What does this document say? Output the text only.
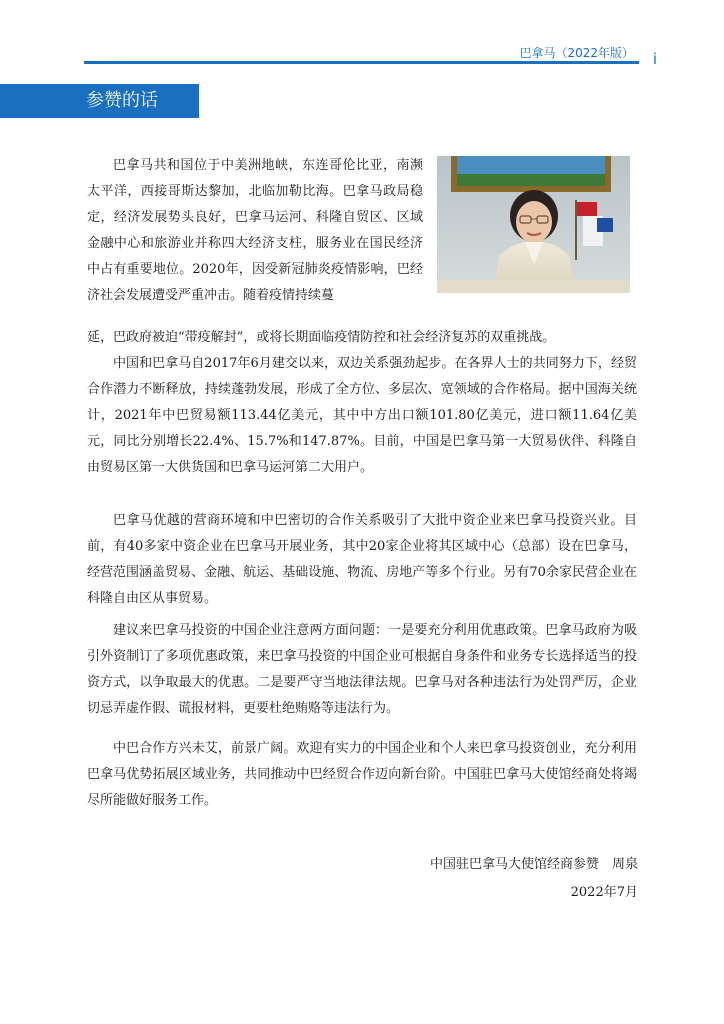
巴拿马（2022年版） i
参赞的话

巴拿马共和国位于中美洲地峡，东连哥伦比亚，南濒太平洋，西接哥斯达黎加，北临加勒比海。巴拿马政局稳定，经济发展势头良好，巴拿马运河、科隆自贸区、区域金融中心和旅游业并称四大经济支柱，服务业在国民经济中占有重要地位。2020年，因受新冠肺炎疫情影响，巴经济社会发展遭受严重冲击。随着疫情持续蔓

延，巴政府被迫“带疫解封”，或将长期面临疫情防控和社会经济复苏的双重挑战。

中国和巴拿马自2017年6月建交以来，双边关系强劲起步。在各界人士的共同努力下，经贸合作潜力不断释放，持续蓬勃发展，形成了全方位、多层次、宽领域的合作格局。据中国海关统计，2021年中巴贸易额113.44亿美元，其中中方出口额101.80亿美元，进口额11.64亿美元，同比分别增长22.4%、15.7%和147.87%。目前，中国是巴拿马第一大贸易伙伴、科隆自由贸易区第一大供货国和巴拿马运河第二大用户。

巴拿马优越的营商环境和中巴密切的合作关系吸引了大批中资企业来巴拿马投资兴业。目前，有40多家中资企业在巴拿马开展业务，其中20家企业将其区域中心（总部）设在巴拿马，经营范围涵盖贸易、金融、航运、基础设施、物流、房地产等多个行业。另有70余家民营企业在科隆自由区从事贸易。

建议来巴拿马投资的中国企业注意两方面问题：一是要充分利用优惠政策。巴拿马政府为吸引外资制订了多项优惠政策，来巴拿马投资的中国企业可根据自身条件和业务专长选择适当的投资方式，以争取最大的优惠。二是要严守当地法律法规。巴拿马对各种违法行为处罚严厉，企业切忌弄虚作假、谎报材料，更要杜绝贿赂等违法行为。

中巴合作方兴未艾，前景广阔。欢迎有实力的中国企业和个人来巴拿马投资创业，充分利用巴拿马优势拓展区域业务，共同推动中巴经贸合作迈向新台阶。中国驻巴拿马大使馆经商处将竭尽所能做好服务工作。

中国驻巴拿马大使馆经商参赞　周泉
2022年7月
